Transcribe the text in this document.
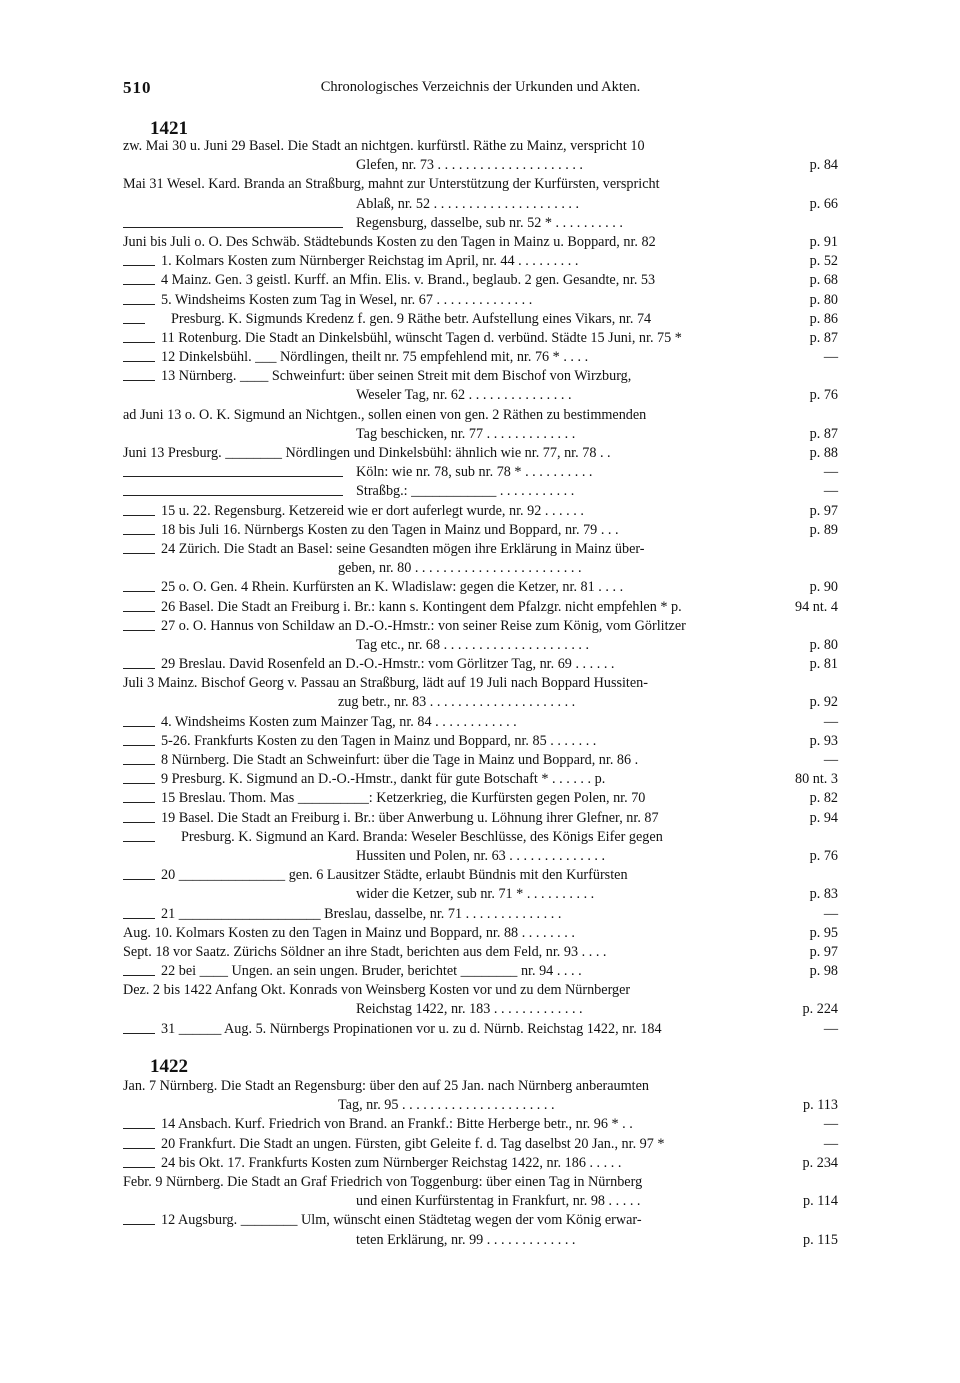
510	Chronologisches Verzeichnis der Urkunden und Akten.
1421
zw. Mai 30 u. Juni 29 Basel. Die Stadt an nichtgen. kurfürstl. Räthe zu Mainz, verspricht 10
Glefen, nr. 73 . . . . . . . . . . . . . . . . . . . . .	p. 84
Mai 31 Wesel. Kard. Branda an Straßburg, mahnt zur Unterstützung der Kurfürsten, verspricht
Ablaß, nr. 52 . . . . . . . . . . . . . . . . . . . . .	p. 66
Regensburg, dasselbe, sub nr. 52 * . . . . . . . . . .
Juni bis Juli o. O. Des Schwäb. Städtebunds Kosten zu den Tagen in Mainz u. Boppard, nr. 82	p. 91
1. Kolmars Kosten zum Nürnberger Reichstag im April, nr. 44 . . . . . . . . .	p. 52
4 Mainz. Gen. 3 geistl. Kurff. an Mfin. Elis. v. Brand., beglaub. 2 gen. Gesandte, nr. 53	p. 68
5. Windsheims Kosten zum Tag in Wesel, nr. 67 . . . . . . . . . . . . . .	p. 80
Presburg. K. Sigmunds Kredenz f. gen. 9 Räthe betr. Aufstellung eines Vikars, nr. 74	p. 86
11 Rotenburg. Die Stadt an Dinkelsbühl, wünscht Tagen d. verbünd. Städte 15 Juni, nr. 75 *	p. 87
12 Dinkelsbühl. ___ Nördlingen, theilt nr. 75 empfehlend mit, nr. 76 * . . . .	—
13 Nürnberg. ____ Schweinfurt: über seinen Streit mit dem Bischof von Wirzburg,
Weseler Tag, nr. 62 . . . . . . . . . . . . . . .	p. 76
ad Juni 13 o. O. K. Sigmund an Nichtgen., sollen einen von gen. 2 Räthen zu bestimmenden
Tag beschicken, nr. 77 . . . . . . . . . . . . .	p. 87
Juni 13 Presburg. ________ Nördlingen und Dinkelsbühl: ähnlich wie nr. 77, nr. 78 . .	p. 88
Köln: wie nr. 78, sub nr. 78 * . . . . . . . . . .	—
Straßbg.: ____________ . . . . . . . . . . .	—
15 u. 22. Regensburg. Ketzereid wie er dort auferlegt wurde, nr. 92 . . . . . .	p. 97
18 bis Juli 16. Nürnbergs Kosten zu den Tagen in Mainz und Boppard, nr. 79 . . .	p. 89
24 Zürich. Die Stadt an Basel: seine Gesandten mögen ihre Erklärung in Mainz über-
geben, nr. 80 . . . . . . . . . . . . . . . . . . . . . . . .
25 o. O. Gen. 4 Rhein. Kurfürsten an K. Wladislaw: gegen die Ketzer, nr. 81 . . . .	p. 90
26 Basel. Die Stadt an Freiburg i. Br.: kann s. Kontingent dem Pfalzgr. nicht empfehlen * p.	94 nt. 4
27 o. O. Hannus von Schildaw an D.-O.-Hmstr.: von seiner Reise zum König, vom Görlitzer
Tag etc., nr. 68 . . . . . . . . . . . . . . . . . . . . .	p. 80
29 Breslau. David Rosenfeld an D.-O.-Hmstr.: vom Görlitzer Tag, nr. 69 . . . . . .	p. 81
Juli 3 Mainz. Bischof Georg v. Passau an Straßburg, lädt auf 19 Juli nach Boppard Hussiten-
zug betr., nr. 83 . . . . . . . . . . . . . . . . . . . . .	p. 92
4. Windsheims Kosten zum Mainzer Tag, nr. 84 . . . . . . . . . . . .	—
5-26. Frankfurts Kosten zu den Tagen in Mainz und Boppard, nr. 85 . . . . . . .	p. 93
8 Nürnberg. Die Stadt an Schweinfurt: über die Tage in Mainz und Boppard, nr. 86 .	—
9 Presburg. K. Sigmund an D.-O.-Hmstr., dankt für gute Botschaft * . . . . . . p.	80 nt. 3
15 Breslau. Thom. Mas __________: Ketzerkrieg, die Kurfürsten gegen Polen, nr. 70	p. 82
19 Basel. Die Stadt an Freiburg i. Br.: über Anwerbung u. Löhnung ihrer Glefner, nr. 87	p. 94
Presburg. K. Sigmund an Kard. Branda: Weseler Beschlüsse, des Königs Eifer gegen
Hussiten und Polen, nr. 63 . . . . . . . . . . . . . .	p. 76
20 _______________ gen. 6 Lausitzer Städte, erlaubt Bündnis mit den Kurfürsten
wider die Ketzer, sub nr. 71 * . . . . . . . . . .	p. 83
21 ____________________ Breslau, dasselbe, nr. 71 . . . . . . . . . . . . . .	—
Aug. 10. Kolmars Kosten zu den Tagen in Mainz und Boppard, nr. 88 . . . . . . . .	p. 95
Sept. 18 vor Saatz. Zürichs Söldner an ihre Stadt, berichten aus dem Feld, nr. 93 . . . .	p. 97
22 bei ____ Ungen. an sein ungen. Bruder, berichtet ________ nr. 94 . . . .	p. 98
Dez. 2 bis 1422 Anfang Okt. Konrads von Weinsberg Kosten vor und zu dem Nürnberger
Reichstag 1422, nr. 183 . . . . . . . . . . . . .	p. 224
31 ______ Aug. 5. Nürnbergs Propinationen vor u. zu d. Nürnb. Reichstag 1422, nr. 184	—
1422
Jan. 7 Nürnberg. Die Stadt an Regensburg: über den auf 25 Jan. nach Nürnberg anberaumten
Tag, nr. 95 . . . . . . . . . . . . . . . . . . . . . .	p. 113
14 Ansbach. Kurf. Friedrich von Brand. an Frankf.: Bitte Herberge betr., nr. 96 * . .	—
20 Frankfurt. Die Stadt an ungen. Fürsten, gibt Geleite f. d. Tag daselbst 20 Jan., nr. 97 *	—
24 bis Okt. 17. Frankfurts Kosten zum Nürnberger Reichstag 1422, nr. 186 . . . . .	p. 234
Febr. 9 Nürnberg. Die Stadt an Graf Friedrich von Toggenburg: über einen Tag in Nürnberg
und einen Kurfürstentag in Frankfurt, nr. 98 . . . . .	p. 114
12 Augsburg. ________ Ulm, wünscht einen Städtetag wegen der vom König erwar-
teten Erklärung, nr. 99 . . . . . . . . . . . . .	p. 115
